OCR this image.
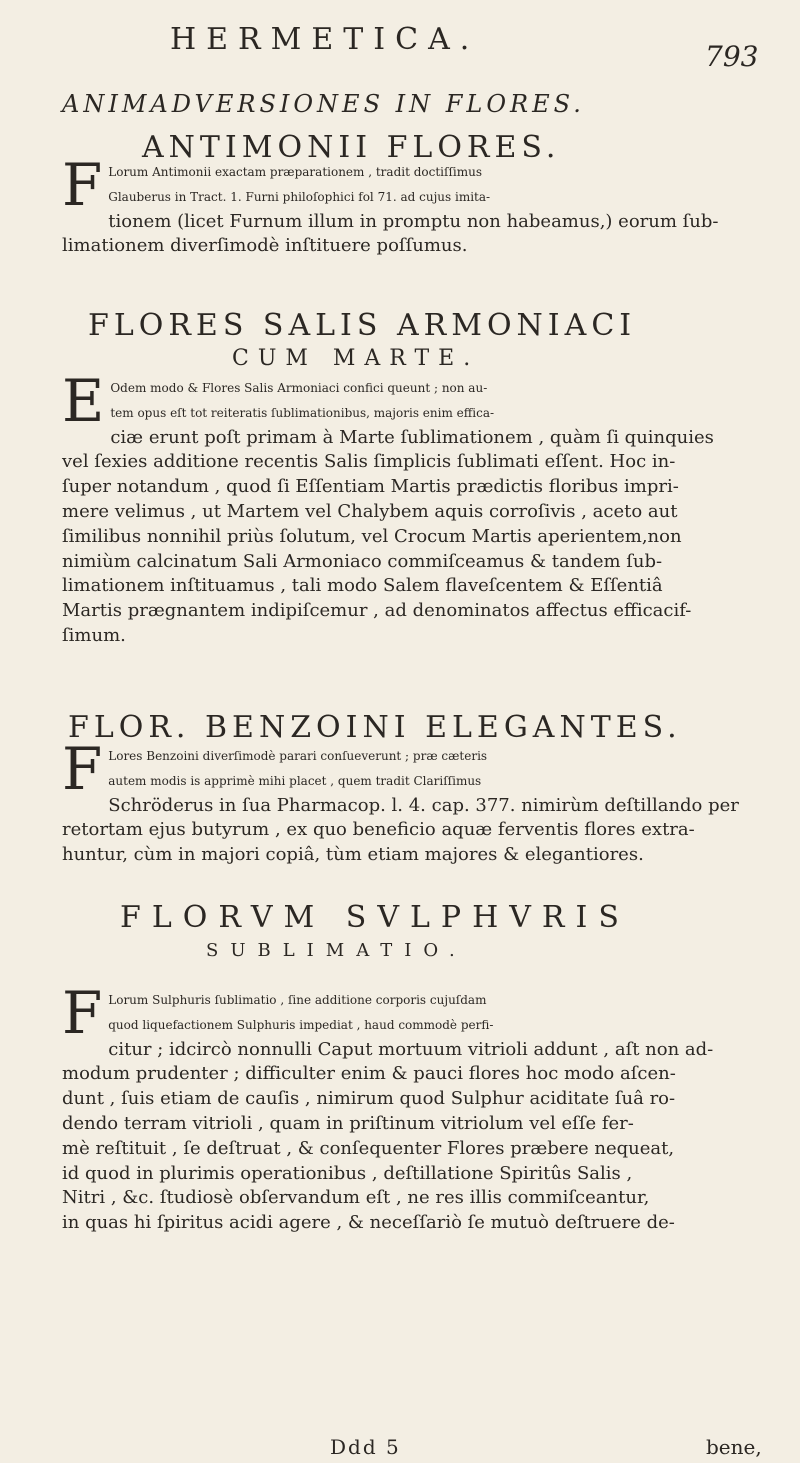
HERMETICA.	793
ANIMADVERSIONES IN FLORES.
ANTIMONII FLORES.
F Lorum Antimonii exactam præparationem , tradit doctiſſimus
Glauberus in Tract. 1. Furni philoſophici fol 71. ad cujus imita-
tionem (licet Furnum illum in promptu non habeamus,) eorum ſub-
limationem diverſimodè inſtituere poſſumus.
FLORES SALIS ARMONIACI
CUM MARTE.
E Odem modo & Flores Salis Armoniaci confici queunt ; non au-
tem opus eſt tot reiteratis ſublimationibus, majoris enim effica-
ciæ erunt poſt primam à Marte ſublimationem , quàm ſi quinquies
vel ſexies additione recentis Salis ſimplicis ſublimati eſſent. Hoc in-
ſuper notandum , quod ſi Eſſentiam Martis prædictis floribus impri-
mere velimus , ut Martem vel Chalybem aquis corroſivis , aceto aut
ſimilibus nonnihil priùs ſolutum, vel Crocum Martis aperientem,non
nimiùm calcinatum Sali Armoniaco commiſceamus & tandem ſub-
limationem inſtituamus , tali modo Salem flaveſcentem & Eſſentiâ
Martis prægnantem indipiſcemur , ad denominatos affectus efficacif-
ſimum.
FLOR. BENZOINI ELEGANTES.
F Lores Benzoini diverſimodè parari conſueverunt ; præ cæteris
autem modis is apprimè mihi placet , quem tradit Clariſſimus
Schröderus in ſua Pharmacop. l. 4. cap. 377. nimirùm deſtillando per
retortam ejus butyrum , ex quo beneficio aquæ ferventis flores extra-
huntur, cùm in majori copiâ, tùm etiam majores & elegantiores.
FLORVM SVLPHVRIS
SUBLIMATIO.
F Lorum Sulphuris ſublimatio , ſine additione corporis cujuſdam
quod liquefactionem Sulphuris impediat , haud commodè perfi-
citur ; idcircò nonnulli Caput mortuum vitrioli addunt , aſt non ad-
modum prudenter ; difficulter enim & pauci flores hoc modo aſcen-
dunt , ſuis etiam de cauſis , nimirum quod Sulphur aciditate ſuâ ro-
dendo terram vitrioli , quam in priſtinum vitriolum vel eſſe fer-
mè reſtituit , ſe deſtruat , & conſequenter Flores præbere nequeat,
id quod in plurimis operationibus , deſtillatione Spiritûs Salis ,
Nitri , &c. ſtudiosè obſervandum eſt , ne res illis commiſceantur,
in quas hi ſpiritus acidi agere , & neceſſariò ſe mutuò deſtruere de-
Ddd 5	bene,
